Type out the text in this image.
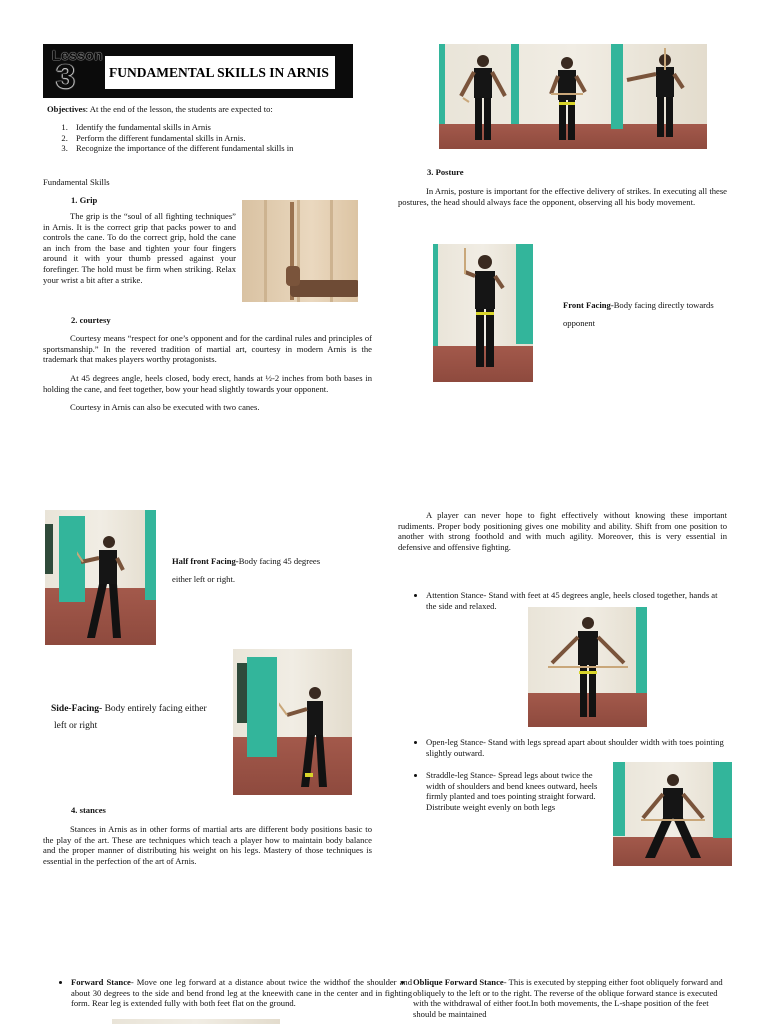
Lesson
3	FUNDAMENTAL SKILLS IN ARNIS
Objectives: At the end of the lesson, the students are expected to:
1. Identify the fundamental skills in Arnis
2. Perform the different fundamental skills in Arnis.
3. Recognize the importance of the different fundamental skills in
Fundamental Skills
1. Grip
The grip is the “soul of all fighting techniques” in Arnis. It is the correct grip that packs power to and controls the cane. To do the correct grip, hold the cane an inch from the base and tighten your four fingers around it with your thumb pressed against your forefinger. The hold must be firm when striking. Relax your wrist a bit after a strike.
2. courtesy
Courtesy means “respect for one’s opponent and for the cardinal rules and principles of sportsmanship.” In the revered tradition of martial art, courtesy in modern Arnis is the trademark that makes players worthy protagonists.
At 45 degrees angle, heels closed, body erect, hands at ½-2 inches from both bases in holding the cane, and feet together, bow your head slightly towards your opponent.
Courtesy in Arnis can also be executed with two canes.
3. Posture
In Arnis, posture is important for the effective delivery of strikes. In executing all these postures, the head should always face the opponent, observing all his body movement.
Front Facing-Body facing directly towards
opponent
Half front Facing-Body facing 45 degrees
either left or right.
Side-Facing- Body entirely facing either
left or right
4. stances
Stances in Arnis as in other forms of martial arts are different body positions basic to the play of the art. These are techniques which teach a player how to maintain body balance and the proper manner of distributing his weight on his legs. Mastery of those techniques is essential in the perfection of the art of Arnis.
A player can never hope to fight effectively without knowing these important rudiments. Proper body positioning gives one mobility and ability. Shift from one position to another with strong foothold and with much agility. Moreover, this is very essential in defensive and offensive fighting.
• Attention Stance- Stand with feet at 45 degrees angle, heels closed together, hands at the side and relaxed.
• Open-leg Stance- Stand with legs spread apart about shoulder width with toes pointing slightly outward.
• Straddle-leg Stance- Spread legs about twice the width of shoulders and bend knees outward, heels firmly planted and toes pointing straight forward. Distribute weight evenly on both legs
• Forward Stance- Move one leg forward at a distance about twice the widthof the shoulder and about 30 degrees to the side and bend frond leg at the kneewith cane in the center and in fighting form. Rear leg is extended fully with both feet flat on the ground.
• Oblique Forward Stance- This is executed by stepping either foot obliquely forward and obliquely to the left or to the right. The reverse of the oblique forward stance is executed with the withdrawal of either foot.In both movements, the L-shape position of the feet should be maintained
